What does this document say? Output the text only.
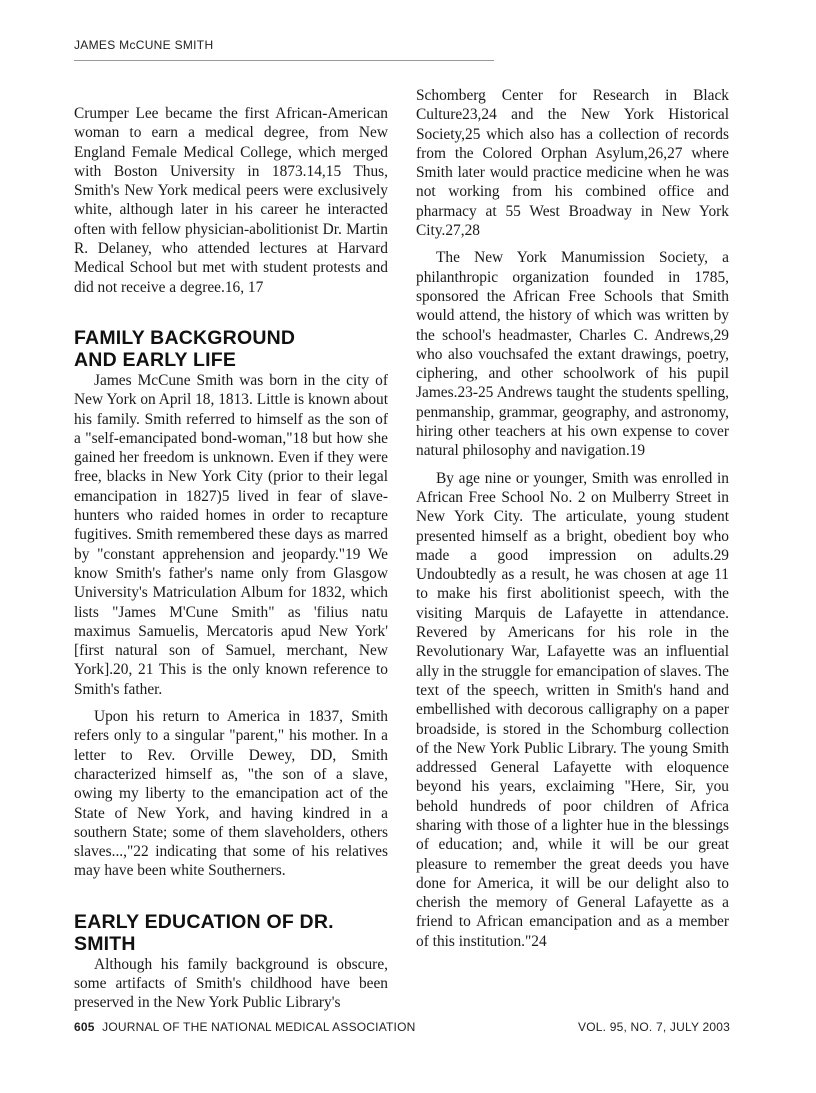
JAMES McCUNE SMITH

Crumper Lee became the first African-American woman to earn a medical degree, from New England Female Medical College, which merged with Boston University in 1873.14,15 Thus, Smith's New York medical peers were exclusively white, although later in his career he interacted often with fellow physician-abolitionist Dr. Martin R. Delaney, who attended lectures at Harvard Medical School but met with student protests and did not receive a degree.16, 17

FAMILY BACKGROUND
AND EARLY LIFE

James McCune Smith was born in the city of New York on April 18, 1813. Little is known about his family. Smith referred to himself as the son of a "self-emancipated bond-woman,"18 but how she gained her freedom is unknown. Even if they were free, blacks in New York City (prior to their legal emancipation in 1827)5 lived in fear of slave-hunters who raided homes in order to recapture fugitives. Smith remembered these days as marred by "constant apprehension and jeopardy."19 We know Smith's father's name only from Glasgow University's Matriculation Album for 1832, which lists "James M'Cune Smith" as 'filius natu maximus Samuelis, Mercatoris apud New York' [first natural son of Samuel, merchant, New York].20, 21 This is the only known reference to Smith's father.

Upon his return to America in 1837, Smith refers only to a singular "parent," his mother. In a letter to Rev. Orville Dewey, DD, Smith characterized himself as, "the son of a slave, owing my liberty to the emancipation act of the State of New York, and having kindred in a southern State; some of them slaveholders, others slaves...,"22 indicating that some of his relatives may have been white Southerners.

EARLY EDUCATION OF DR. SMITH

Although his family background is obscure, some artifacts of Smith's childhood have been preserved in the New York Public Library's

Schomberg Center for Research in Black Culture23,24 and the New York Historical Society,25 which also has a collection of records from the Colored Orphan Asylum,26,27 where Smith later would practice medicine when he was not working from his combined office and pharmacy at 55 West Broadway in New York City.27,28

The New York Manumission Society, a philanthropic organization founded in 1785, sponsored the African Free Schools that Smith would attend, the history of which was written by the school's headmaster, Charles C. Andrews,29 who also vouchsafed the extant drawings, poetry, ciphering, and other schoolwork of his pupil James.23-25 Andrews taught the students spelling, penmanship, grammar, geography, and astronomy, hiring other teachers at his own expense to cover natural philosophy and navigation.19

By age nine or younger, Smith was enrolled in African Free School No. 2 on Mulberry Street in New York City. The articulate, young student presented himself as a bright, obedient boy who made a good impression on adults.29 Undoubtedly as a result, he was chosen at age 11 to make his first abolitionist speech, with the visiting Marquis de Lafayette in attendance. Revered by Americans for his role in the Revolutionary War, Lafayette was an influential ally in the struggle for emancipation of slaves. The text of the speech, written in Smith's hand and embellished with decorous calligraphy on a paper broadside, is stored in the Schomburg collection of the New York Public Library. The young Smith addressed General Lafayette with eloquence beyond his years, exclaiming "Here, Sir, you behold hundreds of poor children of Africa sharing with those of a lighter hue in the blessings of education; and, while it will be our great pleasure to remember the great deeds you have done for America, it will be our delight also to cherish the memory of General Lafayette as a friend to African emancipation and as a member of this institution."24

605 JOURNAL OF THE NATIONAL MEDICAL ASSOCIATION	VOL. 95, NO. 7, JULY 2003
